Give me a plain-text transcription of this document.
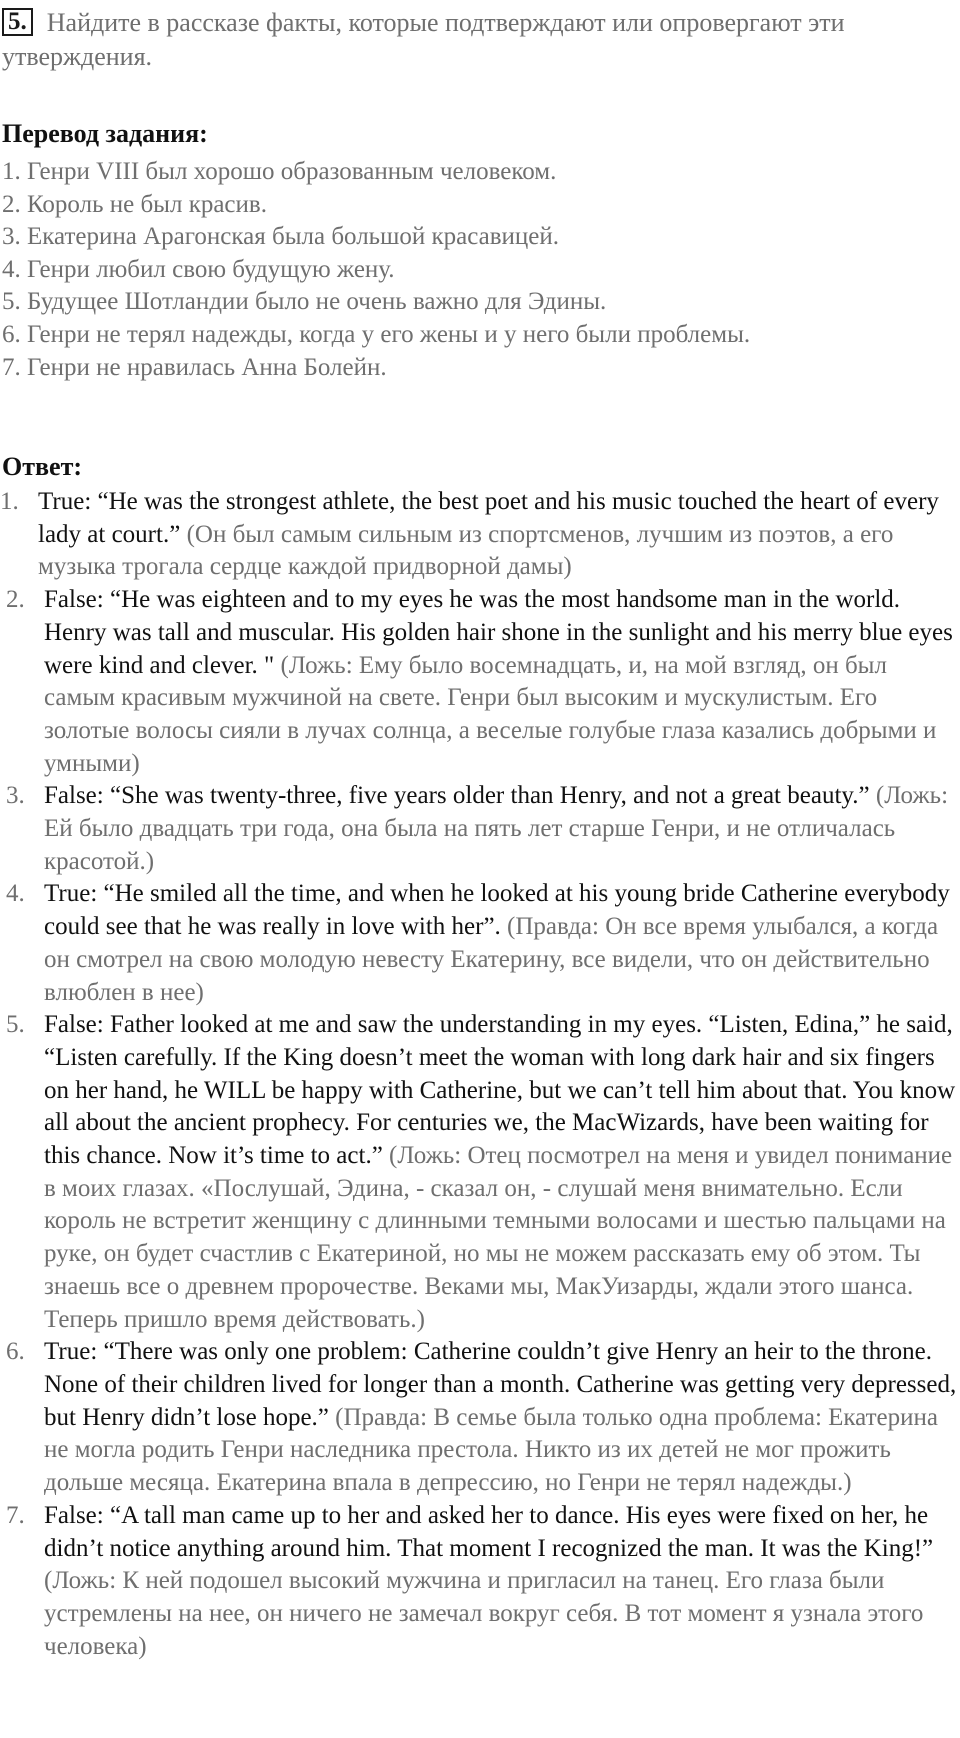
5. Найдите в рассказе факты, которые подтверждают или опровергают эти утверждения.
Перевод задания:
1. Генри VIII был хорошо образованным человеком.
2. Король не был красив.
3. Екатерина Арагонская была большой красавицей.
4. Генри любил свою будущую жену.
5. Будущее Шотландии было не очень важно для Эдины.
6. Генри не терял надежды, когда у его жены и у него были проблемы.
7. Генри не нравилась Анна Болейн.
Ответ:
1. True: “He was the strongest athlete, the best poet and his music touched the heart of every lady at court.” (Он был самым сильным из спортсменов, лучшим из поэтов, а его музыка трогала сердце каждой придворной дамы)
2. False: “He was eighteen and to my eyes he was the most handsome man in the world. Henry was tall and muscular. His golden hair shone in the sunlight and his merry blue eyes were kind and clever. " (Ложь: Ему было восемнадцать, и, на мой взгляд, он был самым красивым мужчиной на свете. Генри был высоким и мускулистым. Его золотые волосы сияли в лучах солнца, а веселые голубые глаза казались добрыми и умными)
3. False: “She was twenty-three, five years older than Henry, and not a great beauty.” (Ложь: Ей было двадцать три года, она была на пять лет старше Генри, и не отличалась красотой.)
4. True: “He smiled all the time, and when he looked at his young bride Catherine everybody could see that he was really in love with her”. (Правда: Он все время улыбался, а когда он смотрел на свою молодую невесту Екатерину, все видели, что он действительно влюблен в нее)
5. False: Father looked at me and saw the understanding in my eyes. “Listen, Edina,” he said, “Listen carefully. If the King doesn’t meet the woman with long dark hair and six fingers on her hand, he WILL be happy with Catherine, but we can’t tell him about that. You know all about the ancient prophecy. For centuries we, the MacWizards, have been waiting for this chance. Now it’s time to act.” (Ложь: Отец посмотрел на меня и увидел понимание в моих глазах. «Послушай, Эдина, - сказал он, - слушай меня внимательно. Если король не встретит женщину с длинными темными волосами и шестью пальцами на руке, он будет счастлив с Екатериной, но мы не можем рассказать ему об этом. Ты знаешь все о древнем пророчестве. Веками мы, МакУизарды, ждали этого шанса. Теперь пришло время действовать.)
6. True: “There was only one problem: Catherine couldn’t give Henry an heir to the throne. None of their children lived for longer than a month. Catherine was getting very depressed, but Henry didn’t lose hope.” (Правда: В семье была только одна проблема: Екатерина не могла родить Генри наследника престола. Никто из их детей не мог прожить дольше месяца. Екатерина впала в депрессию, но Генри не терял надежды.)
7. False: “A tall man came up to her and asked her to dance. His eyes were fixed on her, he didn’t notice anything around him. That moment I recognized the man. It was the King!” (Ложь: К ней подошел высокий мужчина и пригласил на танец. Его глаза были устремлены на нее, он ничего не замечал вокруг себя. В тот момент я узнала этого человека)
